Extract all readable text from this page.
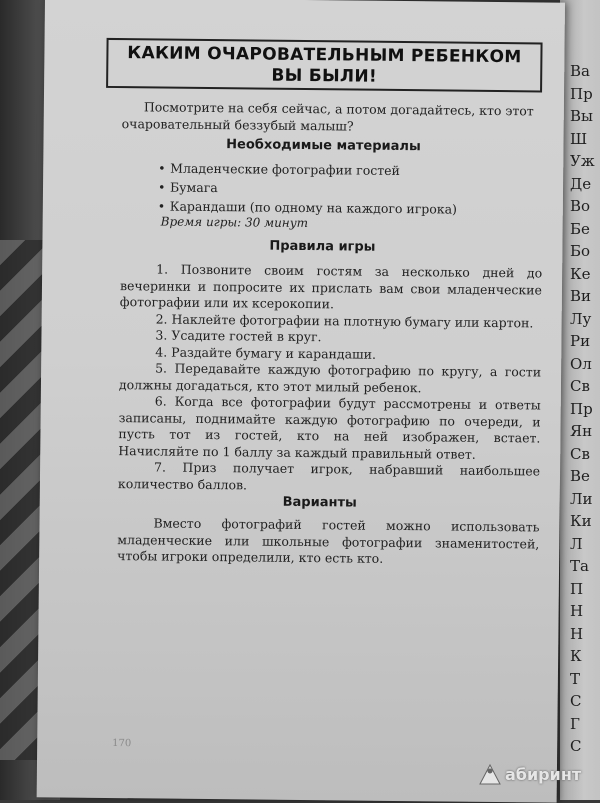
Ва
Пр
Вы
Ш
Уж
Де
Во
Бе
Бо
Ке
Ви
Лу
Ри
Ол
Св
Пр
Ян
Св
Ве
Ли
Ки
Л
Та
П
Н
Н
К
Т
С
Г
С
КАКИМ ОЧАРОВАТЕЛЬНЫМ РЕБЕНКОМ
ВЫ БЫЛИ!
Посмотрите на себя сейчас, а потом догадайтесь, кто этот очаровательный беззубый малыш?
Необходимые материалы
• Младенческие фотографии гостей
• Бумага
• Карандаши (по одному на каждого игрока)
Время игры: 30 минут
Правила игры

1. Позвоните своим гостям за несколько дней до вечеринки и попросите их прислать вам свои младенческие фотографии или их ксерокопии.

2. Наклейте фотографии на плотную бумагу или картон.

3. Усадите гостей в круг.

4. Раздайте бумагу и карандаши.

5. Передавайте каждую фотографию по кругу, а гости должны догадаться, кто этот милый ребенок.

6. Когда все фотографии будут рассмотрены и ответы записаны, поднимайте каждую фотографию по очереди, и пусть тот из гостей, кто на ней изображен, встает. Начисляйте по 1 баллу за каждый правильный ответ.

7. Приз получает игрок, набравший наибольшее количество баллов.

Варианты

Вместо фотографий гостей можно использовать младенческие или школьные фотографии знаменитостей, чтобы игроки определили, кто есть кто.

170
абиринт
